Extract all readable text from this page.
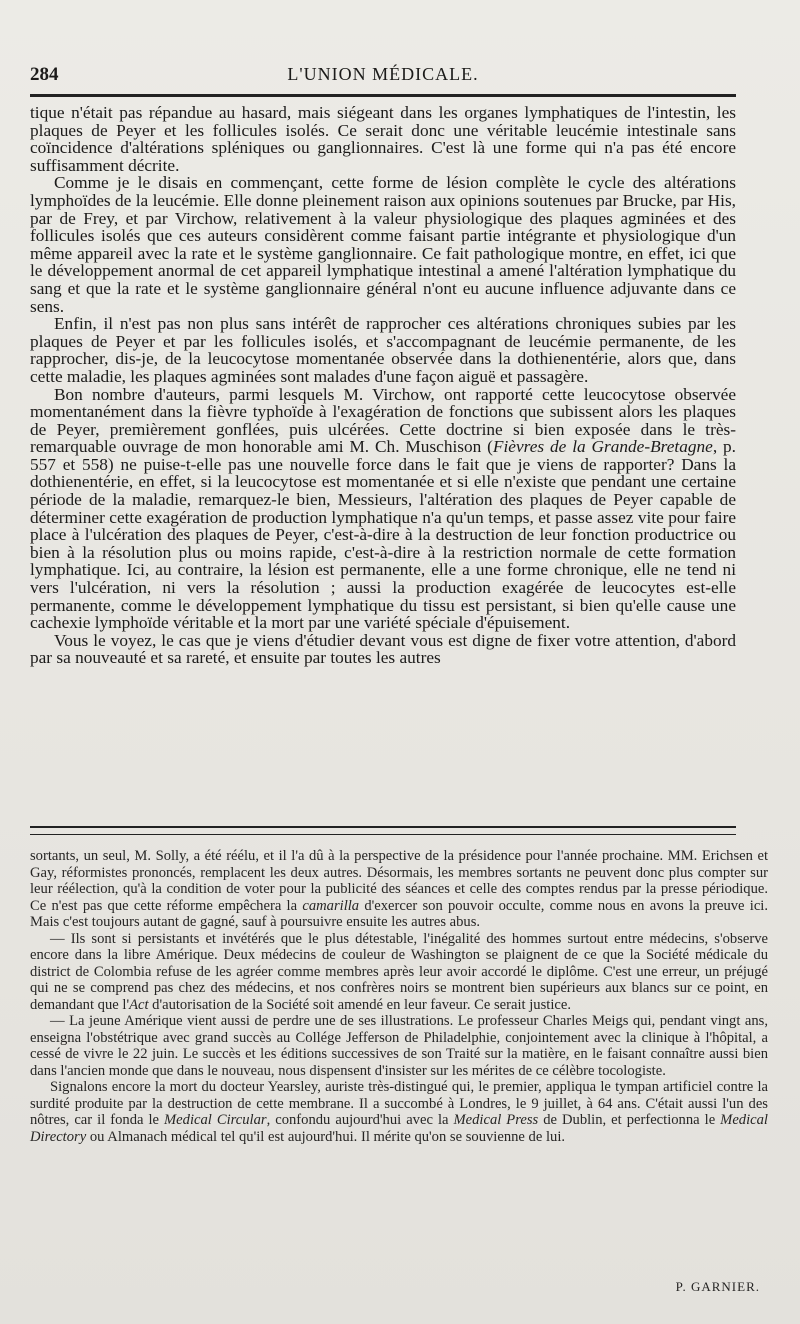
284	L'UNION MÉDICALE.

tique n'était pas répandue au hasard, mais siégeant dans les organes lymphatiques de l'intestin, les plaques de Peyer et les follicules isolés. Ce serait donc une véritable leucémie intestinale sans coïncidence d'altérations spléniques ou ganglionnaires. C'est là une forme qui n'a pas été encore suffisamment décrite.

Comme je le disais en commençant, cette forme de lésion complète le cycle des altérations lymphoïdes de la leucémie. Elle donne pleinement raison aux opinions soutenues par Brucke, par His, par de Frey, et par Virchow, relativement à la valeur physiologique des plaques agminées et des follicules isolés que ces auteurs considèrent comme faisant partie intégrante et physiologique d'un même appareil avec la rate et le système ganglionnaire. Ce fait pathologique montre, en effet, ici que le développement anormal de cet appareil lymphatique intestinal a amené l'altération lymphatique du sang et que la rate et le système ganglionnaire général n'ont eu aucune influence adjuvante dans ce sens.

Enfin, il n'est pas non plus sans intérêt de rapprocher ces altérations chroniques subies par les plaques de Peyer et par les follicules isolés, et s'accompagnant de leucémie permanente, de les rapprocher, dis-je, de la leucocytose momentanée observée dans la dothienentérie, alors que, dans cette maladie, les plaques agminées sont malades d'une façon aiguë et passagère.

Bon nombre d'auteurs, parmi lesquels M. Virchow, ont rapporté cette leucocytose observée momentanément dans la fièvre typhoïde à l'exagération de fonctions que subissent alors les plaques de Peyer, premièrement gonflées, puis ulcérées. Cette doctrine si bien exposée dans le très-remarquable ouvrage de mon honorable ami M. Ch. Muschison (Fièvres de la Grande-Bretagne, p. 557 et 558) ne puise-t-elle pas une nouvelle force dans le fait que je viens de rapporter? Dans la dothienentérie, en effet, si la leucocytose est momentanée et si elle n'existe que pendant une certaine période de la maladie, remarquez-le bien, Messieurs, l'altération des plaques de Peyer capable de déterminer cette exagération de production lymphatique n'a qu'un temps, et passe assez vite pour faire place à l'ulcération des plaques de Peyer, c'est-à-dire à la destruction de leur fonction productrice ou bien à la résolution plus ou moins rapide, c'est-à-dire à la restriction normale de cette formation lymphatique. Ici, au contraire, la lésion est permanente, elle a une forme chronique, elle ne tend ni vers l'ulcération, ni vers la résolution ; aussi la production exagérée de leucocytes est-elle permanente, comme le développement lymphatique du tissu est persistant, si bien qu'elle cause une cachexie lymphoïde véritable et la mort par une variété spéciale d'épuisement.

Vous le voyez, le cas que je viens d'étudier devant vous est digne de fixer votre attention, d'abord par sa nouveauté et sa rareté, et ensuite par toutes les autres

sortants, un seul, M. Solly, a été réélu, et il l'a dû à la perspective de la présidence pour l'année prochaine. MM. Erichsen et Gay, réformistes prononcés, remplacent les deux autres. Désormais, les membres sortants ne peuvent donc plus compter sur leur réélection, qu'à la condition de voter pour la publicité des séances et celle des comptes rendus par la presse périodique. Ce n'est pas que cette réforme empêchera la camarilla d'exercer son pouvoir occulte, comme nous en avons la preuve ici. Mais c'est toujours autant de gagné, sauf à poursuivre ensuite les autres abus.

— Ils sont si persistants et invétérés que le plus détestable, l'inégalité des hommes surtout entre médecins, s'observe encore dans la libre Amérique. Deux médecins de couleur de Washington se plaignent de ce que la Société médicale du district de Colombia refuse de les agréer comme membres après leur avoir accordé le diplôme. C'est une erreur, un préjugé qui ne se comprend pas chez des médecins, et nos confrères noirs se montrent bien supérieurs aux blancs sur ce point, en demandant que l'Act d'autorisation de la Société soit amendé en leur faveur. Ce serait justice.

— La jeune Amérique vient aussi de perdre une de ses illustrations. Le professeur Charles Meigs qui, pendant vingt ans, enseigna l'obstétrique avec grand succès au Collége Jefferson de Philadelphie, conjointement avec la clinique à l'hôpital, a cessé de vivre le 22 juin. Le succès et les éditions successives de son Traité sur la matière, en le faisant connaître aussi bien dans l'ancien monde que dans le nouveau, nous dispensent d'insister sur les mérites de ce célèbre tocologiste.

Signalons encore la mort du docteur Yearsley, auriste très-distingué qui, le premier, appliqua le tympan artificiel contre la surdité produite par la destruction de cette membrane. Il a succombé à Londres, le 9 juillet, à 64 ans. C'était aussi l'un des nôtres, car il fonda le Medical Circular, confondu aujourd'hui avec la Medical Press de Dublin, et perfectionna le Medical Directory ou Almanach médical tel qu'il est aujourd'hui. Il mérite qu'on se souvienne de lui.

P. GARNIER.
